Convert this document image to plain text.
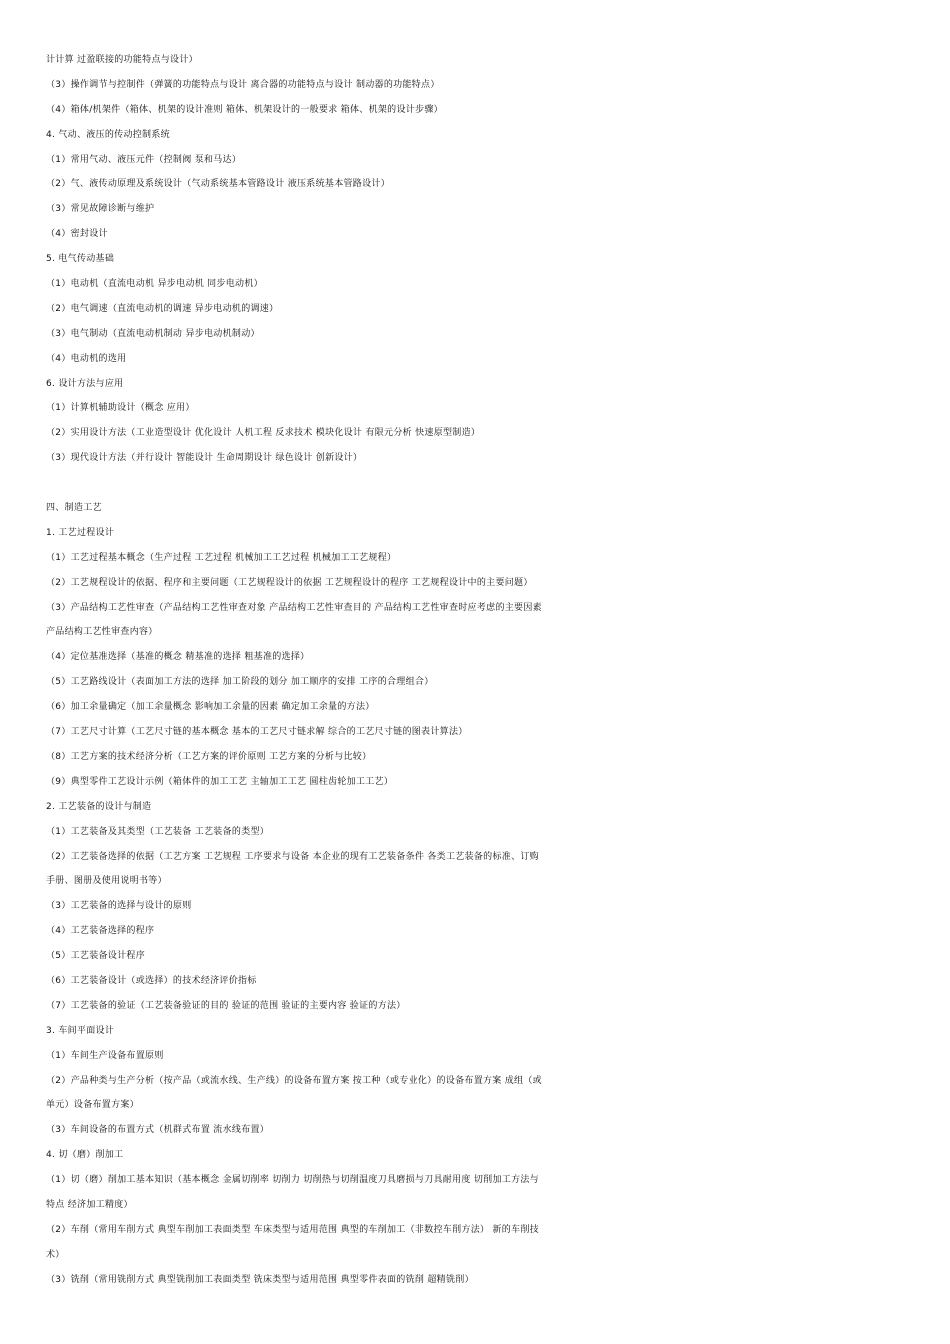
计计算 过盈联接的功能特点与设计）
（3）操作调节与控制件（弹簧的功能特点与设计 离合器的功能特点与设计 制动器的功能特点）
（4）箱体/机架件（箱体、机架的设计准则 箱体、机架设计的一般要求 箱体、机架的设计步骤）
4. 气动、液压的传动控制系统
（1）常用气动、液压元件（控制阀 泵和马达）
（2）气、液传动原理及系统设计（气动系统基本管路设计 液压系统基本管路设计）
（3）常见故障诊断与维护
（4）密封设计
5. 电气传动基础
（1）电动机（直流电动机 异步电动机 同步电动机）
（2）电气调速（直流电动机的调速 异步电动机的调速）
（3）电气制动（直流电动机制动 异步电动机制动）
（4）电动机的选用
6. 设计方法与应用
（1）计算机辅助设计（概念 应用）
（2）实用设计方法（工业造型设计 优化设计 人机工程 反求技术 模块化设计 有限元分析 快速原型制造）
（3）现代设计方法（并行设计 智能设计 生命周期设计 绿色设计 创新设计）
四、制造工艺
1. 工艺过程设计
（1）工艺过程基本概念（生产过程 工艺过程 机械加工工艺过程 机械加工工艺规程）
（2）工艺规程设计的依据、程序和主要问题（工艺规程设计的依据 工艺规程设计的程序 工艺规程设计中的主要问题）
（3）产品结构工艺性审查（产品结构工艺性审查对象 产品结构工艺性审查目的 产品结构工艺性审查时应考虑的主要因素
产品结构工艺性审查内容）
（4）定位基准选择（基准的概念 精基准的选择 粗基准的选择）
（5）工艺路线设计（表面加工方法的选择 加工阶段的划分 加工顺序的安排 工序的合理组合）
（6）加工余量确定（加工余量概念 影响加工余量的因素 确定加工余量的方法）
（7）工艺尺寸计算（工艺尺寸链的基本概念 基本的工艺尺寸链求解 综合的工艺尺寸链的图表计算法）
（8）工艺方案的技术经济分析（工艺方案的评价原则 工艺方案的分析与比较）
（9）典型零件工艺设计示例（箱体件的加工工艺 主轴加工工艺 圆柱齿轮加工工艺）
2. 工艺装备的设计与制造
（1）工艺装备及其类型（工艺装备 工艺装备的类型）
（2）工艺装备选择的依据（工艺方案 工艺规程 工序要求与设备 本企业的现有工艺装备条件 各类工艺装备的标准、订购
手册、图册及使用说明书等）
（3）工艺装备的选择与设计的原则
（4）工艺装备选择的程序
（5）工艺装备设计程序
（6）工艺装备设计（或选择）的技术经济评价指标
（7）工艺装备的验证（工艺装备验证的目的 验证的范围 验证的主要内容 验证的方法）
3. 车间平面设计
（1）车间生产设备布置原则
（2）产品种类与生产分析（按产品（或流水线、生产线）的设备布置方案 按工种（或专业化）的设备布置方案 成组（或
单元）设备布置方案）
（3）车间设备的布置方式（机群式布置 流水线布置）
4. 切（磨）削加工
（1）切（磨）削加工基本知识（基本概念 金属切削率 切削力 切削热与切削温度刀具磨损与刀具耐用度 切削加工方法与
特点 经济加工精度）
（2）车削（常用车削方式 典型车削加工表面类型 车床类型与适用范围 典型的车削加工（非数控车削方法） 新的车削技
术）
（3）铣削（常用铣削方式 典型铣削加工表面类型 铣床类型与适用范围 典型零件表面的铣削 超精铣削）
